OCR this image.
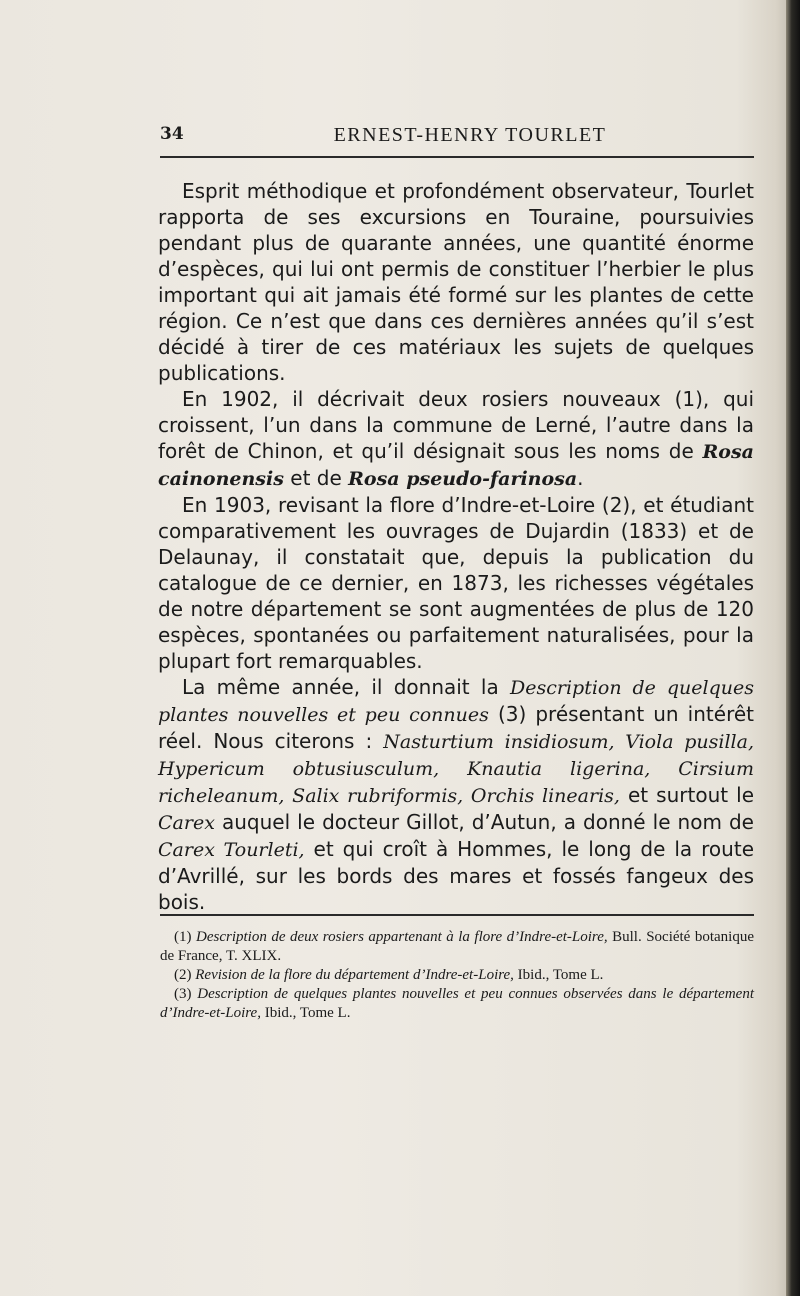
34	ERNEST-HENRY TOURLET

Esprit méthodique et profondément observateur, Tourlet rapporta de ses excursions en Touraine, poursuivies pendant plus de quarante années, une quantité énorme d’espèces, qui lui ont permis de constituer l’herbier le plus important qui ait jamais été formé sur les plantes de cette région. Ce n’est que dans ces dernières années qu’il s’est décidé à tirer de ces matériaux les sujets de quelques publications.

En 1902, il décrivait deux rosiers nouveaux (1), qui croissent, l’un dans la commune de Lerné, l’autre dans la forêt de Chinon, et qu’il désignait sous les noms de Rosa cainonensis et de Rosa pseudo-farinosa.

En 1903, revisant la flore d’Indre-et-Loire (2), et étudiant comparativement les ouvrages de Dujardin (1833) et de Delaunay, il constatait que, depuis la publication du catalogue de ce dernier, en 1873, les richesses végétales de notre département se sont augmentées de plus de 120 espèces, spontanées ou parfaitement naturalisées, pour la plupart fort remarquables.

La même année, il donnait la Description de quelques plantes nouvelles et peu connues (3) présentant un intérêt réel. Nous citerons : Nasturtium insidiosum, Viola pusilla, Hypericum obtusiusculum, Knautia ligerina, Cirsium richeleanum, Salix rubriformis, Orchis linearis, et surtout le Carex auquel le docteur Gillot, d’Autun, a donné le nom de Carex Tourleti, et qui croît à Hommes, le long de la route d’Avrillé, sur les bords des mares et fossés fangeux des bois.

(1) Description de deux rosiers appartenant à la flore d’Indre-et-Loire, Bull. Société botanique de France, T. XLIX.

(2) Revision de la flore du département d’Indre-et-Loire, Ibid., Tome L.

(3) Description de quelques plantes nouvelles et peu connues observées dans le département d’Indre-et-Loire, Ibid., Tome L.
